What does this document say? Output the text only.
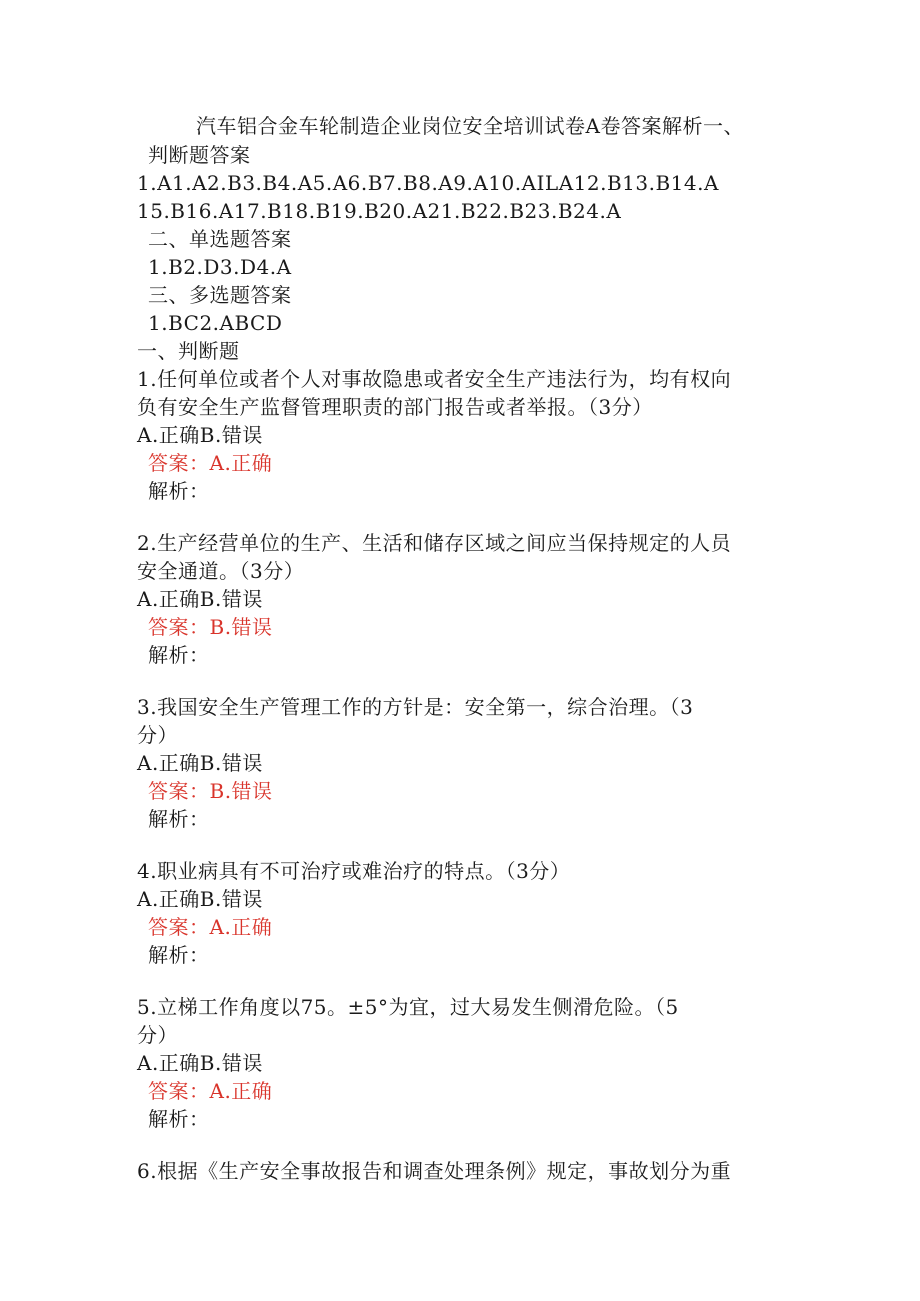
汽车铝合金车轮制造企业岗位安全培训试卷A卷答案解析一、
判断题答案
1.A1.A2.B3.B4.A5.A6.B7.B8.A9.A10.AILA12.B13.B14.A
15.B16.A17.B18.B19.B20.A21.B22.B23.B24.A
二、单选题答案
1.B2.D3.D4.A
三、多选题答案
1.BC2.ABCD
一、判断题
1.任何单位或者个人对事故隐患或者安全生产违法行为，均有权向
负有安全生产监督管理职责的部门报告或者举报。（3分）
A.正确B.错误
答案：A.正确
解析：
2.生产经营单位的生产、生活和储存区域之间应当保持规定的人员
安全通道。（3分）
A.正确B.错误
答案：B.错误
解析：
3.我国安全生产管理工作的方针是：安全第一，综合治理。（3
分）
A.正确B.错误
答案：B.错误
解析：
4.职业病具有不可治疗或难治疗的特点。（3分）
A.正确B.错误
答案：A.正确
解析：
5.立梯工作角度以75。±5°为宜，过大易发生侧滑危险。（5
分）
A.正确B.错误
答案：A.正确
解析：
6.根据《生产安全事故报告和调查处理条例》规定，事故划分为重
